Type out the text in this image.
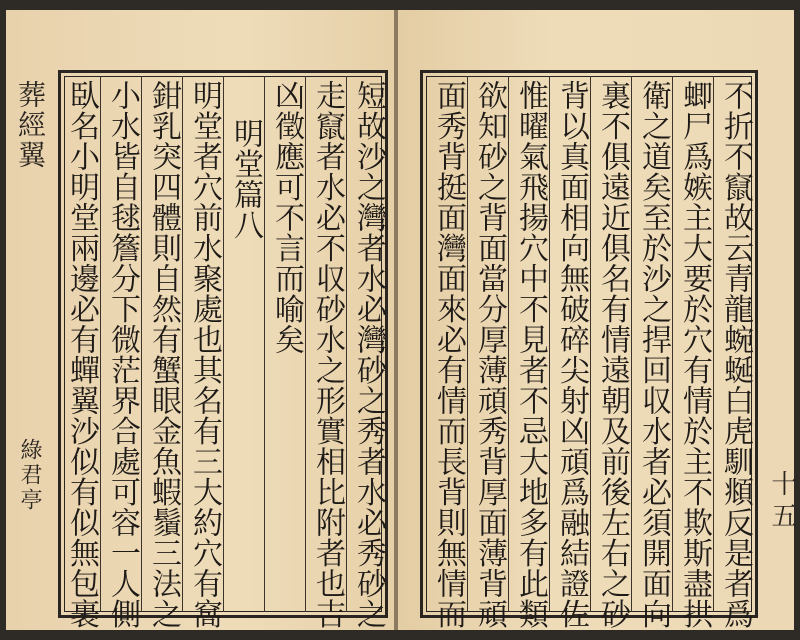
葬經翼
綠君亭	短故沙之灣者水必灣砂之秀者水必秀砂之
走竄者水必不収砂水之形實相比附者也吉
凶徵應可不言而喻矣
明堂篇八
明堂者穴前水聚處也其名有三大約穴有窩
鉗乳突四體則自然有蟹眼金魚蝦鬚三法之
小水皆自毬簷分下微茫界合處可容一人側
臥名小明堂兩邊必有蟬翼沙似有似無包裹	不折不竄故云青龍蜿蜒白虎馴頫反是者爲
蝍尸爲嫉主大要於穴有情於主不欺斯盡拱
衛之道矣至於沙之捍回収水者必須開面向
裏不俱遠近俱名有情遠朝及前後左右之砂
背以真面相向無破碎尖射凶頑爲融結證佐
惟曜氣飛揚穴中不見者不忌大地多有此類
欲知砂之背面當分厚薄頑秀背厚面薄背頑
面秀背挺面灣面來必有情而長背則無情而	十五
